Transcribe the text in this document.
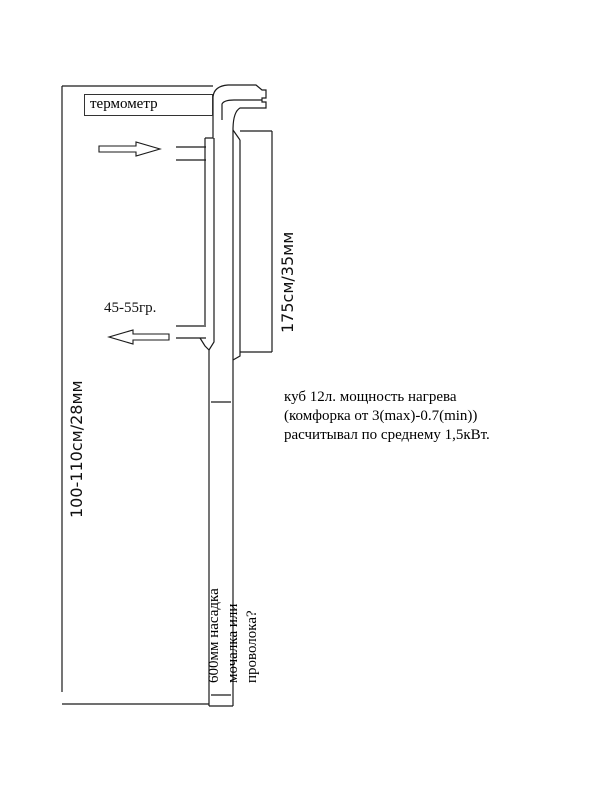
термометр
45-55гр.
100-110см/28мм
175см/35мм
600мм насадка мочалка или проволока?
куб 12л. мощность нагрева
(комфорка от 3(max)-0.7(min))
расчитывал по среднему 1,5кВт.
